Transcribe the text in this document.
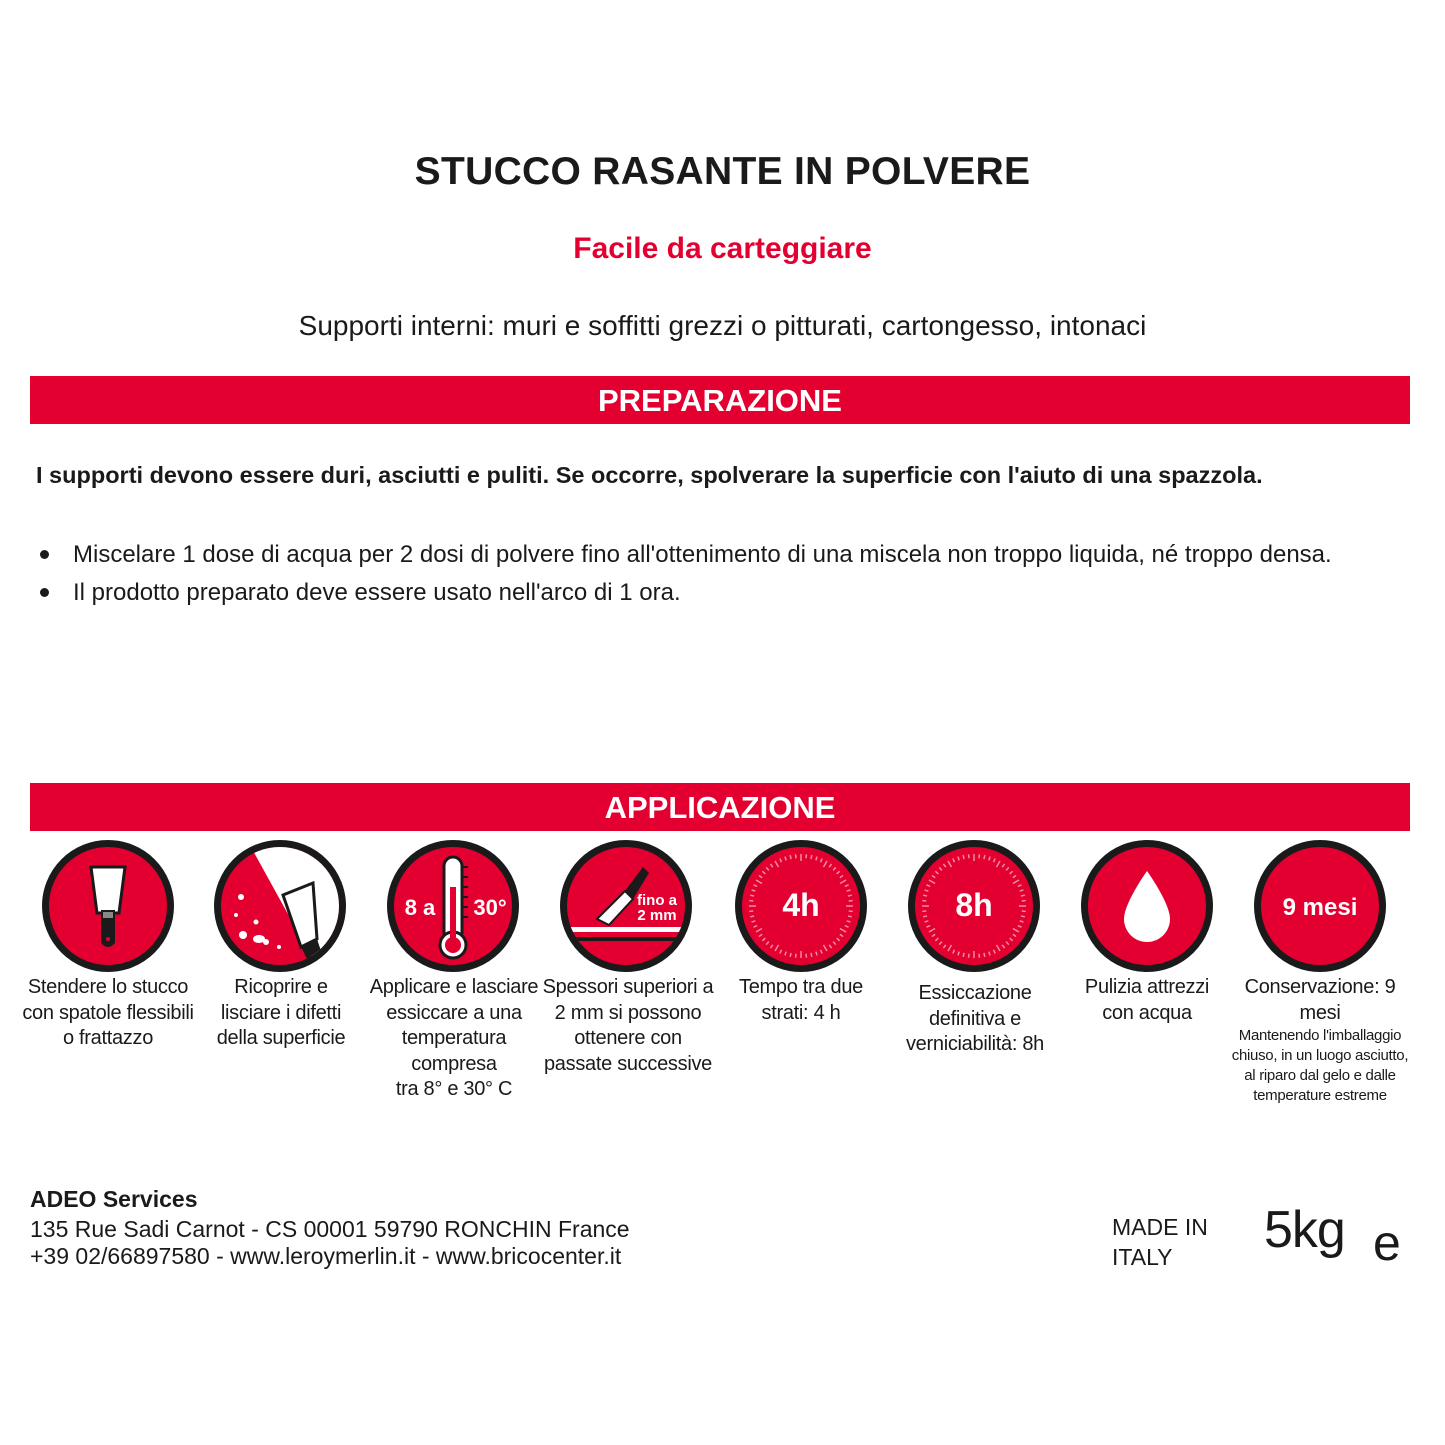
STUCCO RASANTE IN POLVERE
Facile da carteggiare
Supporti interni: muri e soffitti grezzi o pitturati, cartongesso, intonaci
PREPARAZIONE
I supporti devono essere duri, asciutti e puliti. Se occorre, spolverare la superficie con l'aiuto di una spazzola.
Miscelare 1 dose di acqua per 2 dosi di polvere fino all'ottenimento di una miscela non troppo liquida, né troppo densa.
Il prodotto preparato deve essere usato nell'arco di 1 ora.
APPLICAZIONE
Stendere lo stucco
con spatole flessibili
o frattazzo
Ricoprire e
lisciare i difetti
della superficie
8 a 30°
Applicare e lasciare
essiccare a una
temperatura compresa
tra 8° e 30° C
fino a
2 mm
Spessori superiori a
2 mm si possono
ottenere con
passate successive
4h
Tempo tra due
strati: 4 h
8h
Essiccazione
definitiva e
verniciabilità: 8h
Pulizia attrezzi
con acqua
9 mesi
Conservazione: 9 mesi
Mantenendo l'imballaggio
chiuso, in un luogo asciutto,
al riparo dal gelo e dalle
temperature estreme
ADEO Services
135 Rue Sadi Carnot - CS 00001 59790 RONCHIN France
+39 02/66897580 - www.leroymerlin.it - www.bricocenter.it
MADE IN
ITALY	5kg e
